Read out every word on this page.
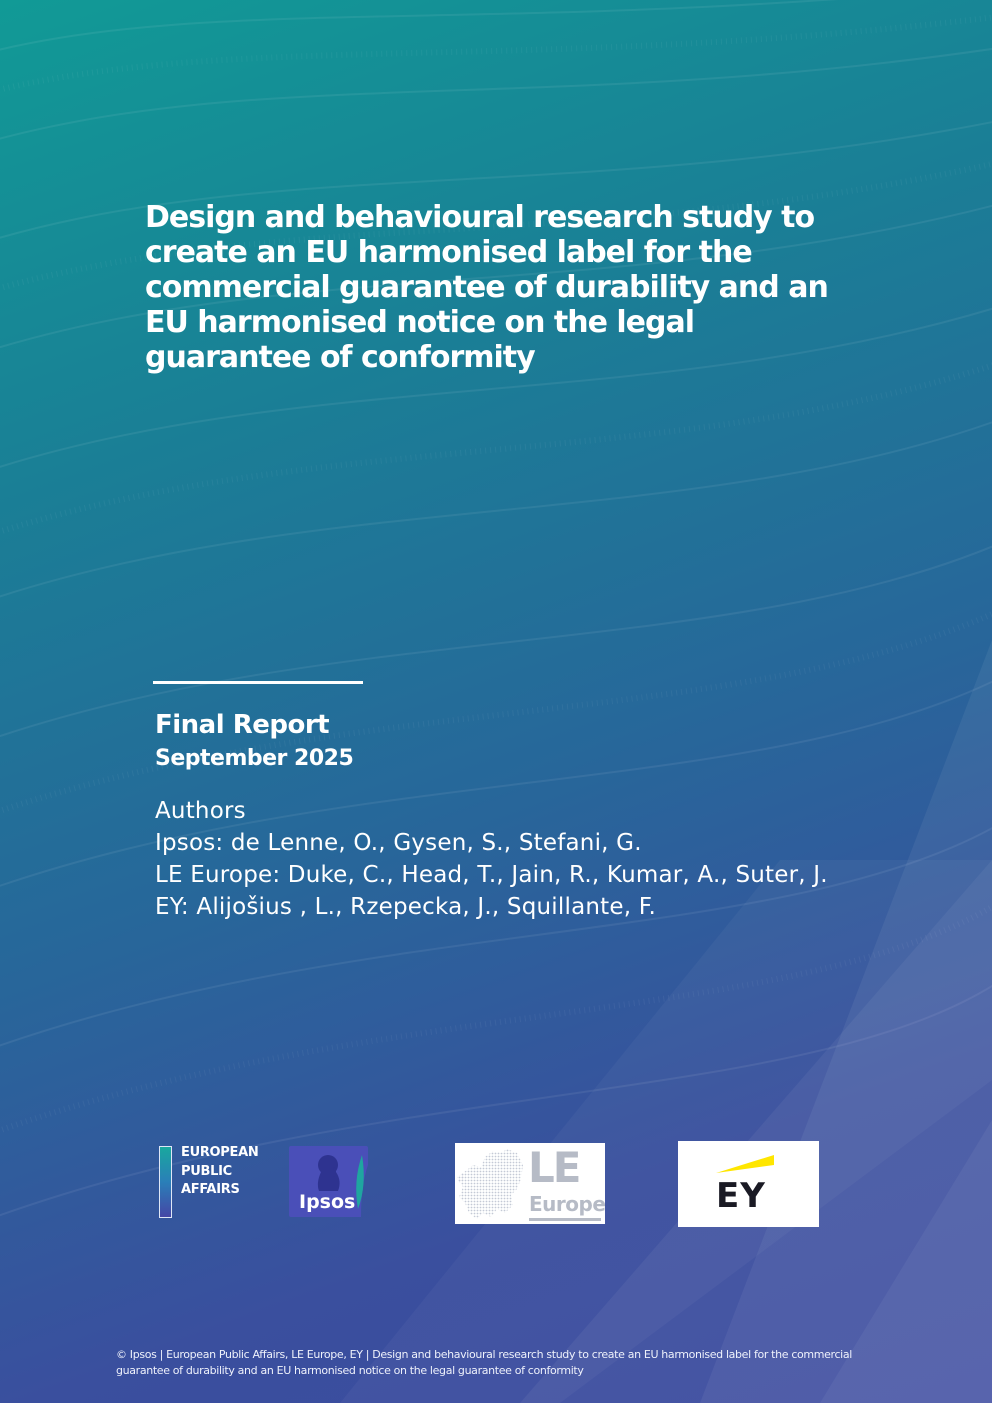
Design and behavioural research study to create an EU harmonised label for the commercial guarantee of durability and an EU harmonised notice on the legal guarantee of conformity
Final Report
September 2025
Authors
Ipsos: de Lenne, O., Gysen, S., Stefani, G.
LE Europe: Duke, C., Head, T., Jain, R., Kumar, A., Suter, J.
EY: Alijošius , L., Rzepecka, J., Squillante, F.
EUROPEAN
PUBLIC
AFFAIRS
Ipsos
LE
Europe	EY
© Ipsos | European Public Affairs, LE Europe, EY | Design and behavioural research study to create an EU harmonised label for the commercial guarantee of durability and an EU harmonised notice on the legal guarantee of conformity
